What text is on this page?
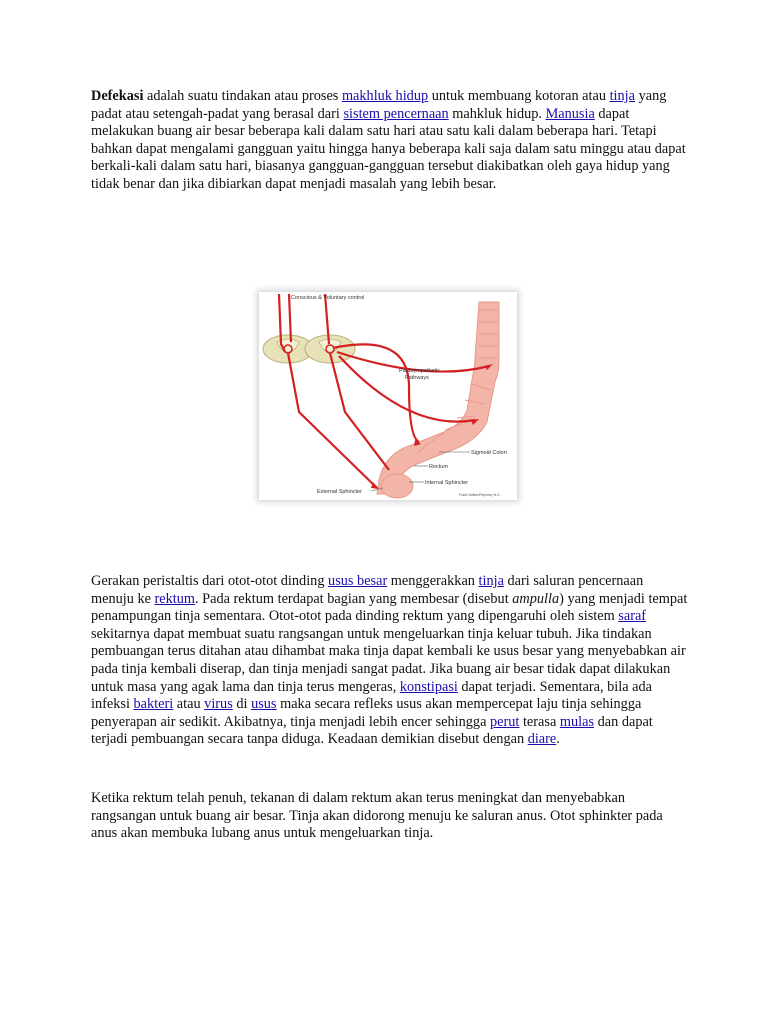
Defekasi adalah suatu tindakan atau proses makhluk hidup untuk membuang kotoran atau tinja yang padat atau setengah-padat yang berasal dari sistem pencernaan mahkluk hidup. Manusia dapat melakukan buang air besar beberapa kali dalam satu hari atau satu kali dalam beberapa hari. Tetapi bahkan dapat mengalami gangguan yaitu hingga hanya beberapa kali saja dalam satu minggu atau dapat berkali-kali dalam satu hari, biasanya gangguan-gangguan tersebut diakibatkan oleh gaya hidup yang tidak benar dan jika dibiarkan dapat menjadi masalah yang lebih besar.

Conscious & Voluntary control
Parasympathetic
Pathways
Sigmoid Colon
Rectum
Internal Sphincter
External Sphincter	Frank Netter/Rephrey N.D.

Gerakan peristaltis dari otot-otot dinding usus besar menggerakkan tinja dari saluran pencernaan menuju ke rektum. Pada rektum terdapat bagian yang membesar (disebut ampulla) yang menjadi tempat penampungan tinja sementara. Otot-otot pada dinding rektum yang dipengaruhi oleh sistem saraf sekitarnya dapat membuat suatu rangsangan untuk mengeluarkan tinja keluar tubuh. Jika tindakan pembuangan terus ditahan atau dihambat maka tinja dapat kembali ke usus besar yang menyebabkan air pada tinja kembali diserap, dan tinja menjadi sangat padat. Jika buang air besar tidak dapat dilakukan untuk masa yang agak lama dan tinja terus mengeras, konstipasi dapat terjadi. Sementara, bila ada infeksi bakteri atau virus di usus maka secara refleks usus akan mempercepat laju tinja sehingga penyerapan air sedikit. Akibatnya, tinja menjadi lebih encer sehingga perut terasa mulas dan dapat terjadi pembuangan secara tanpa diduga. Keadaan demikian disebut dengan diare.

Ketika rektum telah penuh, tekanan di dalam rektum akan terus meningkat dan menyebabkan rangsangan untuk buang air besar. Tinja akan didorong menuju ke saluran anus. Otot sphinkter pada anus akan membuka lubang anus untuk mengeluarkan tinja.
